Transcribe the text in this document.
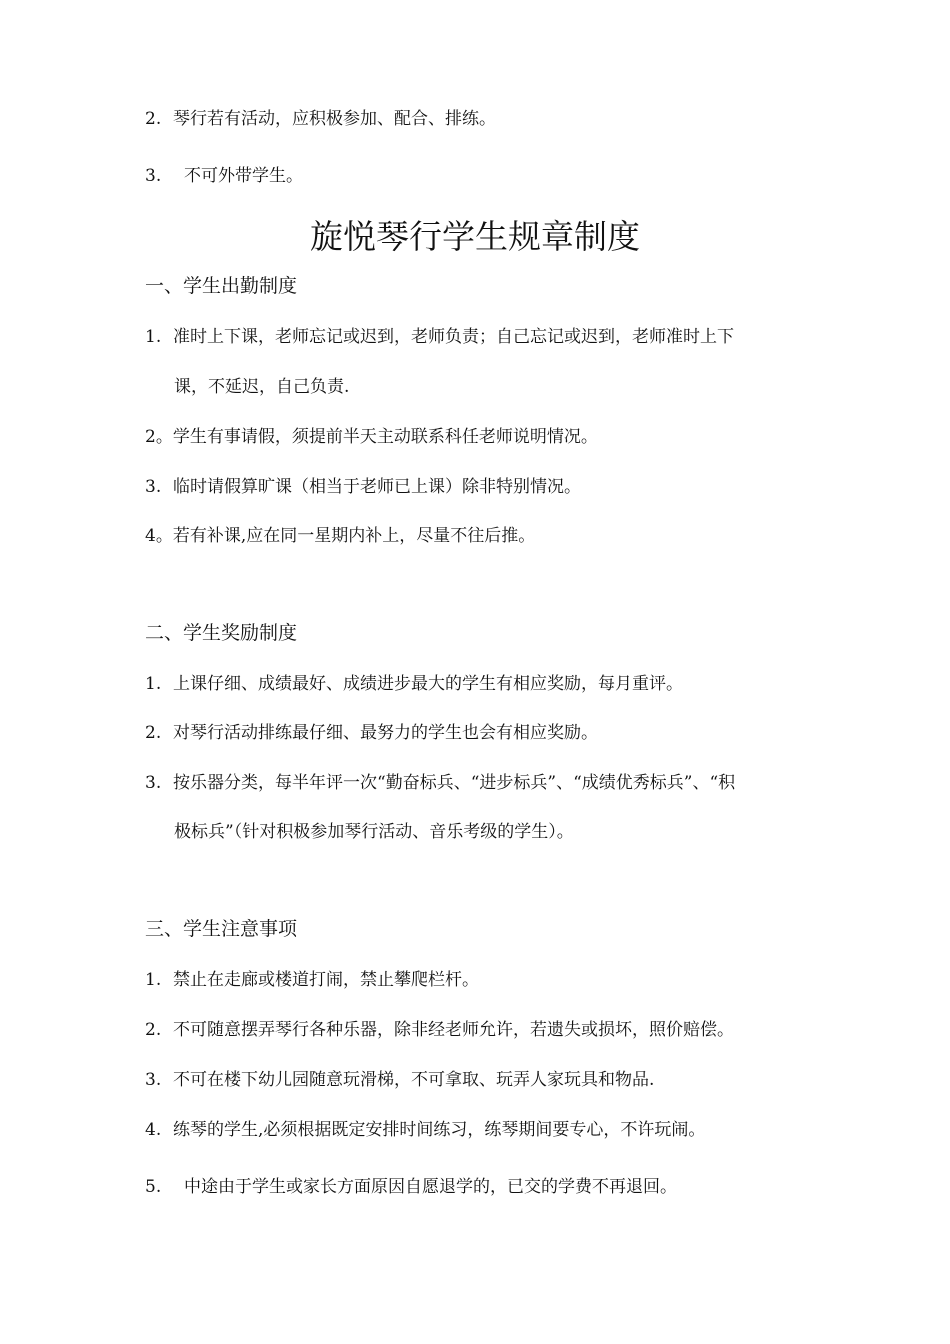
2. 琴行若有活动，应积极参加、配合、排练。

3. 不可外带学生。

旋悦琴行学生规章制度

一、学生出勤制度

1. 准时上下课，老师忘记或迟到，老师负责；自己忘记或迟到，老师准时上下

课，不延迟，自己负责.

2。学生有事请假，须提前半天主动联系科任老师说明情况。

3. 临时请假算旷课（相当于老师已上课）除非特别情况。

4。若有补课,应在同一星期内补上，尽量不往后推。

二、学生奖励制度

1. 上课仔细、成绩最好、成绩进步最大的学生有相应奖励，每月重评。

2. 对琴行活动排练最仔细、最努力的学生也会有相应奖励。

3. 按乐器分类，每半年评一次“勤奋标兵、“进步标兵”、“成绩优秀标兵”、“积

极标兵”（针对积极参加琴行活动、音乐考级的学生）。

三、学生注意事项

1. 禁止在走廊或楼道打闹，禁止攀爬栏杆。

2. 不可随意摆弄琴行各种乐器，除非经老师允许，若遗失或损坏，照价赔偿。

3. 不可在楼下幼儿园随意玩滑梯，不可拿取、玩弄人家玩具和物品.

4. 练琴的学生,必须根据既定安排时间练习，练琴期间要专心，不许玩闹。

5. 中途由于学生或家长方面原因自愿退学的，已交的学费不再退回。
